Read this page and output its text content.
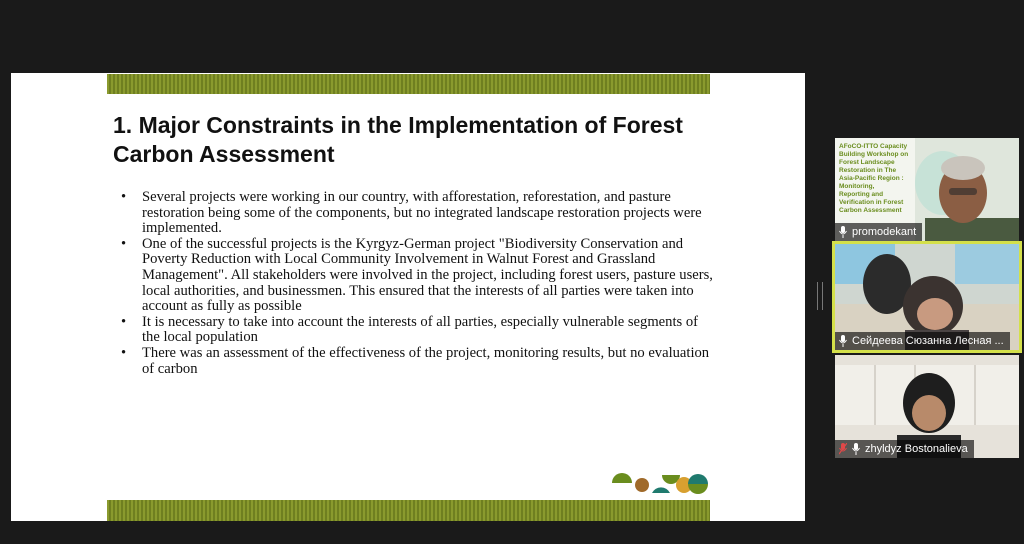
1. Major Constraints in the Implementation of Forest Carbon Assessment
• Several projects were working in our country, with afforestation, reforestation, and pasture restoration being some of the components, but no integrated landscape restoration projects were implemented.
• One of the successful projects is the Kyrgyz-German project "Biodiversity Conservation and Poverty Reduction with Local Community Involvement in Walnut Forest and Grassland Management". All stakeholders were involved in the project, including forest users, pasture users, local authorities, and businessmen. This ensured that the interests of all parties were taken into account as fully as possible
• It is necessary to take into account the interests of all parties, especially vulnerable segments of the local population
• There was an assessment of the effectiveness of the project, monitoring results, but no evaluation of carbon
AFoCO-ITTO Capacity
Building Workshop on
Forest Landscape
Restoration in The
Asia-Pacific Region :
Monitoring,
Reporting and
Verification in Forest
Carbon Assessment
promodekant
Сейдеева Сюзанна Лесная ...
zhyldyz Bostonalieva
